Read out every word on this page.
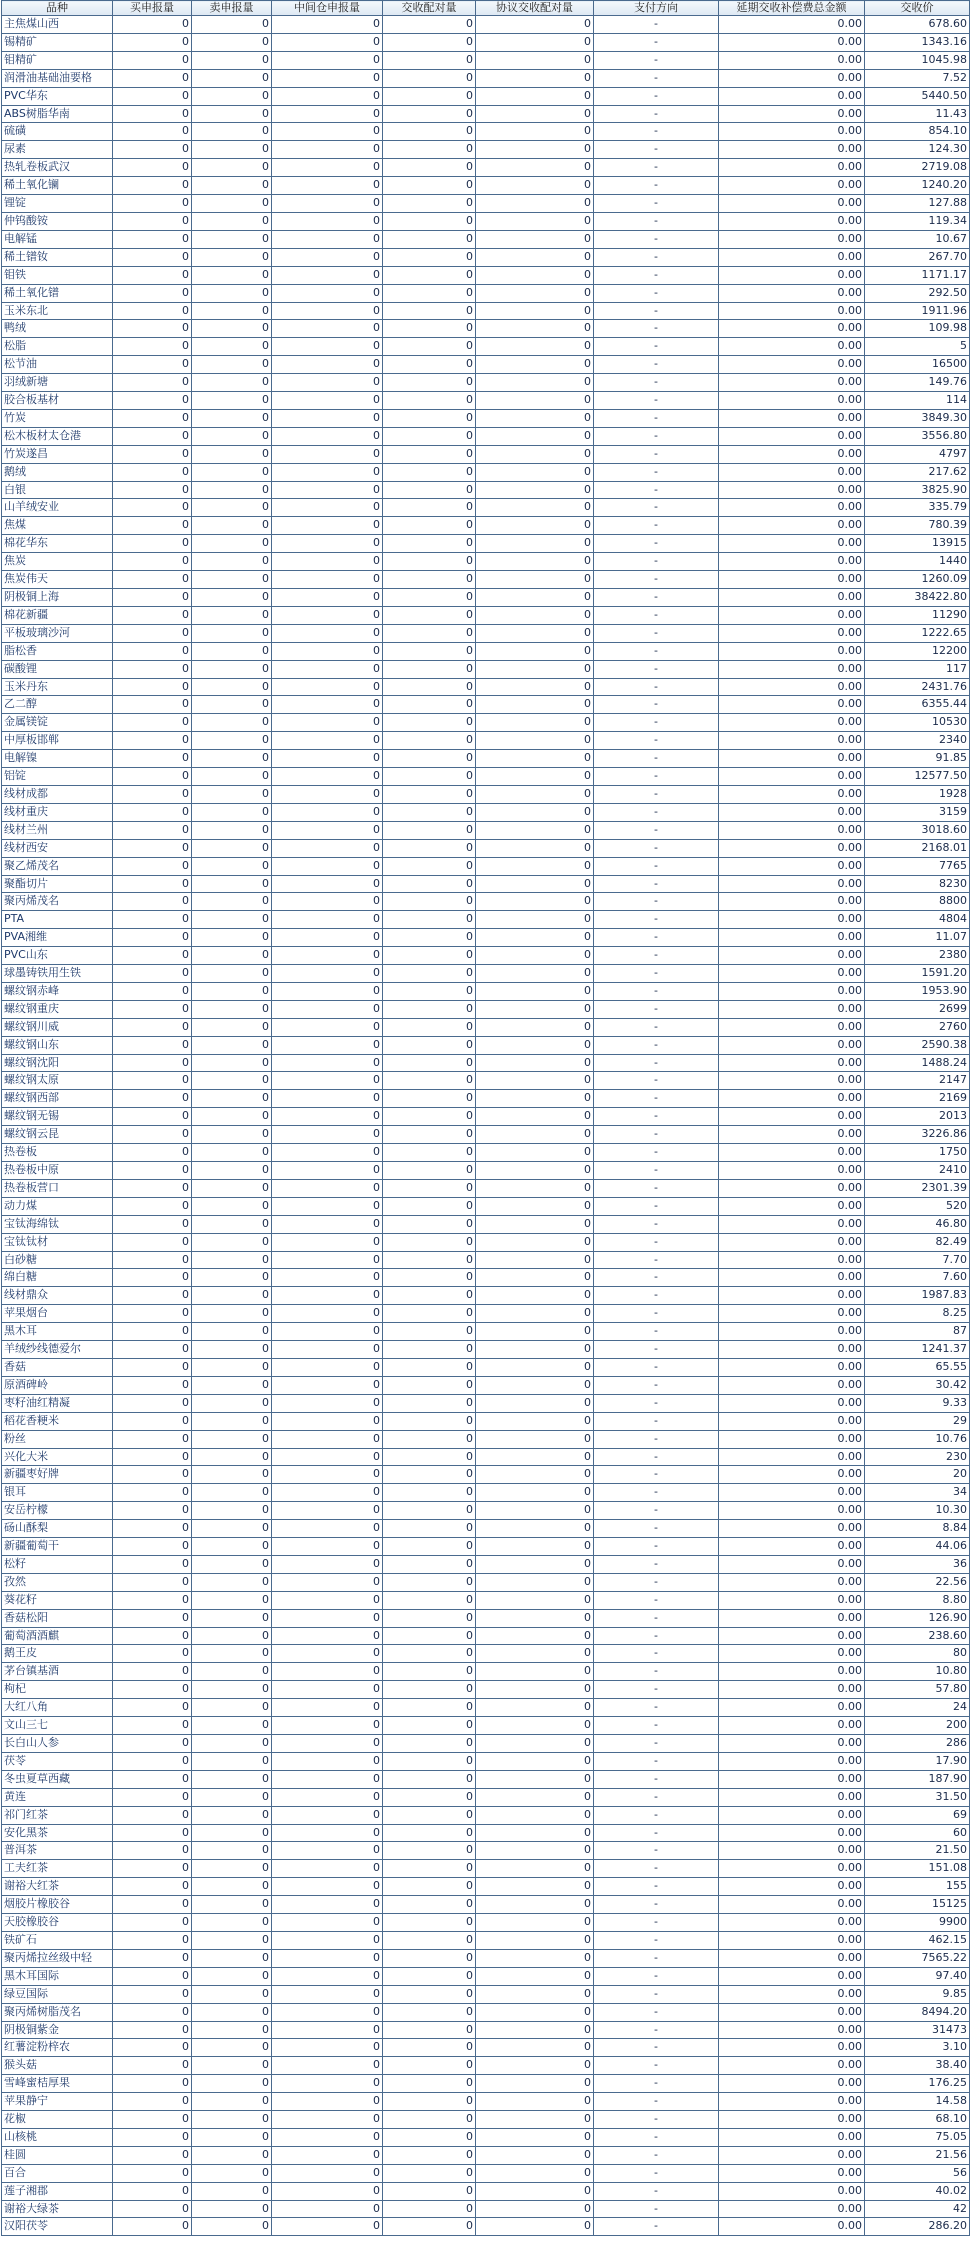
品种	买申报量	卖申报量	中间仓申报量	交收配对量	协议交收配对量	支付方向	延期交收补偿费总金额	交收价
主焦煤山西	0	0	0	0	0	-	0.00	678.60
锡精矿	0	0	0	0	0	-	0.00	1343.16
钼精矿	0	0	0	0	0	-	0.00	1045.98
润滑油基础油要格	0	0	0	0	0	-	0.00	7.52
PVC华东	0	0	0	0	0	-	0.00	5440.50
ABS树脂华南	0	0	0	0	0	-	0.00	11.43
硫磺	0	0	0	0	0	-	0.00	854.10
尿素	0	0	0	0	0	-	0.00	124.30
热轧卷板武汉	0	0	0	0	0	-	0.00	2719.08
稀土氧化镧	0	0	0	0	0	-	0.00	1240.20
锂锭	0	0	0	0	0	-	0.00	127.88
仲钨酸铵	0	0	0	0	0	-	0.00	119.34
电解锰	0	0	0	0	0	-	0.00	10.67
稀土镨钕	0	0	0	0	0	-	0.00	267.70
钼铁	0	0	0	0	0	-	0.00	1171.17
稀土氧化镨	0	0	0	0	0	-	0.00	292.50
玉米东北	0	0	0	0	0	-	0.00	1911.96
鸭绒	0	0	0	0	0	-	0.00	109.98
松脂	0	0	0	0	0	-	0.00	5
松节油	0	0	0	0	0	-	0.00	16500
羽绒新塘	0	0	0	0	0	-	0.00	149.76
胶合板基材	0	0	0	0	0	-	0.00	114
竹炭	0	0	0	0	0	-	0.00	3849.30
松木板材太仓港	0	0	0	0	0	-	0.00	3556.80
竹炭遂昌	0	0	0	0	0	-	0.00	4797
鹅绒	0	0	0	0	0	-	0.00	217.62
白银	0	0	0	0	0	-	0.00	3825.90
山羊绒安业	0	0	0	0	0	-	0.00	335.79
焦煤	0	0	0	0	0	-	0.00	780.39
棉花华东	0	0	0	0	0	-	0.00	13915
焦炭	0	0	0	0	0	-	0.00	1440
焦炭伟天	0	0	0	0	0	-	0.00	1260.09
阴极铜上海	0	0	0	0	0	-	0.00	38422.80
棉花新疆	0	0	0	0	0	-	0.00	11290
平板玻璃沙河	0	0	0	0	0	-	0.00	1222.65
脂松香	0	0	0	0	0	-	0.00	12200
碳酸锂	0	0	0	0	0	-	0.00	117
玉米丹东	0	0	0	0	0	-	0.00	2431.76
乙二醇	0	0	0	0	0	-	0.00	6355.44
金属镁锭	0	0	0	0	0	-	0.00	10530
中厚板邯郸	0	0	0	0	0	-	0.00	2340
电解镍	0	0	0	0	0	-	0.00	91.85
铝锭	0	0	0	0	0	-	0.00	12577.50
线材成都	0	0	0	0	0	-	0.00	1928
线材重庆	0	0	0	0	0	-	0.00	3159
线材兰州	0	0	0	0	0	-	0.00	3018.60
线材西安	0	0	0	0	0	-	0.00	2168.01
聚乙烯茂名	0	0	0	0	0	-	0.00	7765
聚酯切片	0	0	0	0	0	-	0.00	8230
聚丙烯茂名	0	0	0	0	0	-	0.00	8800
PTA	0	0	0	0	0	-	0.00	4804
PVA湘维	0	0	0	0	0	-	0.00	11.07
PVC山东	0	0	0	0	0	-	0.00	2380
球墨铸铁用生铁	0	0	0	0	0	-	0.00	1591.20
螺纹钢赤峰	0	0	0	0	0	-	0.00	1953.90
螺纹钢重庆	0	0	0	0	0	-	0.00	2699
螺纹钢川威	0	0	0	0	0	-	0.00	2760
螺纹钢山东	0	0	0	0	0	-	0.00	2590.38
螺纹钢沈阳	0	0	0	0	0	-	0.00	1488.24
螺纹钢太原	0	0	0	0	0	-	0.00	2147
螺纹钢西部	0	0	0	0	0	-	0.00	2169
螺纹钢无锡	0	0	0	0	0	-	0.00	2013
螺纹钢云昆	0	0	0	0	0	-	0.00	3226.86
热卷板	0	0	0	0	0	-	0.00	1750
热卷板中原	0	0	0	0	0	-	0.00	2410
热卷板营口	0	0	0	0	0	-	0.00	2301.39
动力煤	0	0	0	0	0	-	0.00	520
宝钛海绵钛	0	0	0	0	0	-	0.00	46.80
宝钛钛材	0	0	0	0	0	-	0.00	82.49
白砂糖	0	0	0	0	0	-	0.00	7.70
绵白糖	0	0	0	0	0	-	0.00	7.60
线材鼎众	0	0	0	0	0	-	0.00	1987.83
苹果烟台	0	0	0	0	0	-	0.00	8.25
黑木耳	0	0	0	0	0	-	0.00	87
羊绒纱线德爱尔	0	0	0	0	0	-	0.00	1241.37
香菇	0	0	0	0	0	-	0.00	65.55
原酒碑岭	0	0	0	0	0	-	0.00	30.42
枣籽油红精凝	0	0	0	0	0	-	0.00	9.33
稻花香粳米	0	0	0	0	0	-	0.00	29
粉丝	0	0	0	0	0	-	0.00	10.76
兴化大米	0	0	0	0	0	-	0.00	230
新疆枣好牌	0	0	0	0	0	-	0.00	20
银耳	0	0	0	0	0	-	0.00	34
安岳柠檬	0	0	0	0	0	-	0.00	10.30
砀山酥梨	0	0	0	0	0	-	0.00	8.84
新疆葡萄干	0	0	0	0	0	-	0.00	44.06
松籽	0	0	0	0	0	-	0.00	36
孜然	0	0	0	0	0	-	0.00	22.56
葵花籽	0	0	0	0	0	-	0.00	8.80
香菇松阳	0	0	0	0	0	-	0.00	126.90
葡萄酒酒麒	0	0	0	0	0	-	0.00	238.60
鹅王皮	0	0	0	0	0	-	0.00	80
茅台镇基酒	0	0	0	0	0	-	0.00	10.80
枸杞	0	0	0	0	0	-	0.00	57.80
大红八角	0	0	0	0	0	-	0.00	24
文山三七	0	0	0	0	0	-	0.00	200
长白山人参	0	0	0	0	0	-	0.00	286
茯苓	0	0	0	0	0	-	0.00	17.90
冬虫夏草西藏	0	0	0	0	0	-	0.00	187.90
黄连	0	0	0	0	0	-	0.00	31.50
祁门红茶	0	0	0	0	0	-	0.00	69
安化黑茶	0	0	0	0	0	-	0.00	60
普洱茶	0	0	0	0	0	-	0.00	21.50
工夫红茶	0	0	0	0	0	-	0.00	151.08
谢裕大红茶	0	0	0	0	0	-	0.00	155
烟胶片橡胶谷	0	0	0	0	0	-	0.00	15125
天胶橡胶谷	0	0	0	0	0	-	0.00	9900
铁矿石	0	0	0	0	0	-	0.00	462.15
聚丙烯拉丝级中轻	0	0	0	0	0	-	0.00	7565.22
黑木耳国际	0	0	0	0	0	-	0.00	97.40
绿豆国际	0	0	0	0	0	-	0.00	9.85
聚丙烯树脂茂名	0	0	0	0	0	-	0.00	8494.20
阴极铜紫金	0	0	0	0	0	-	0.00	31473
红薯淀粉梓农	0	0	0	0	0	-	0.00	3.10
猴头菇	0	0	0	0	0	-	0.00	38.40
雪峰蜜桔厚果	0	0	0	0	0	-	0.00	176.25
苹果静宁	0	0	0	0	0	-	0.00	14.58
花椒	0	0	0	0	0	-	0.00	68.10
山核桃	0	0	0	0	0	-	0.00	75.05
桂圆	0	0	0	0	0	-	0.00	21.56
百合	0	0	0	0	0	-	0.00	56
莲子湘郡	0	0	0	0	0	-	0.00	40.02
谢裕大绿茶	0	0	0	0	0	-	0.00	42
汉阳茯苓	0	0	0	0	0	-	0.00	286.20
